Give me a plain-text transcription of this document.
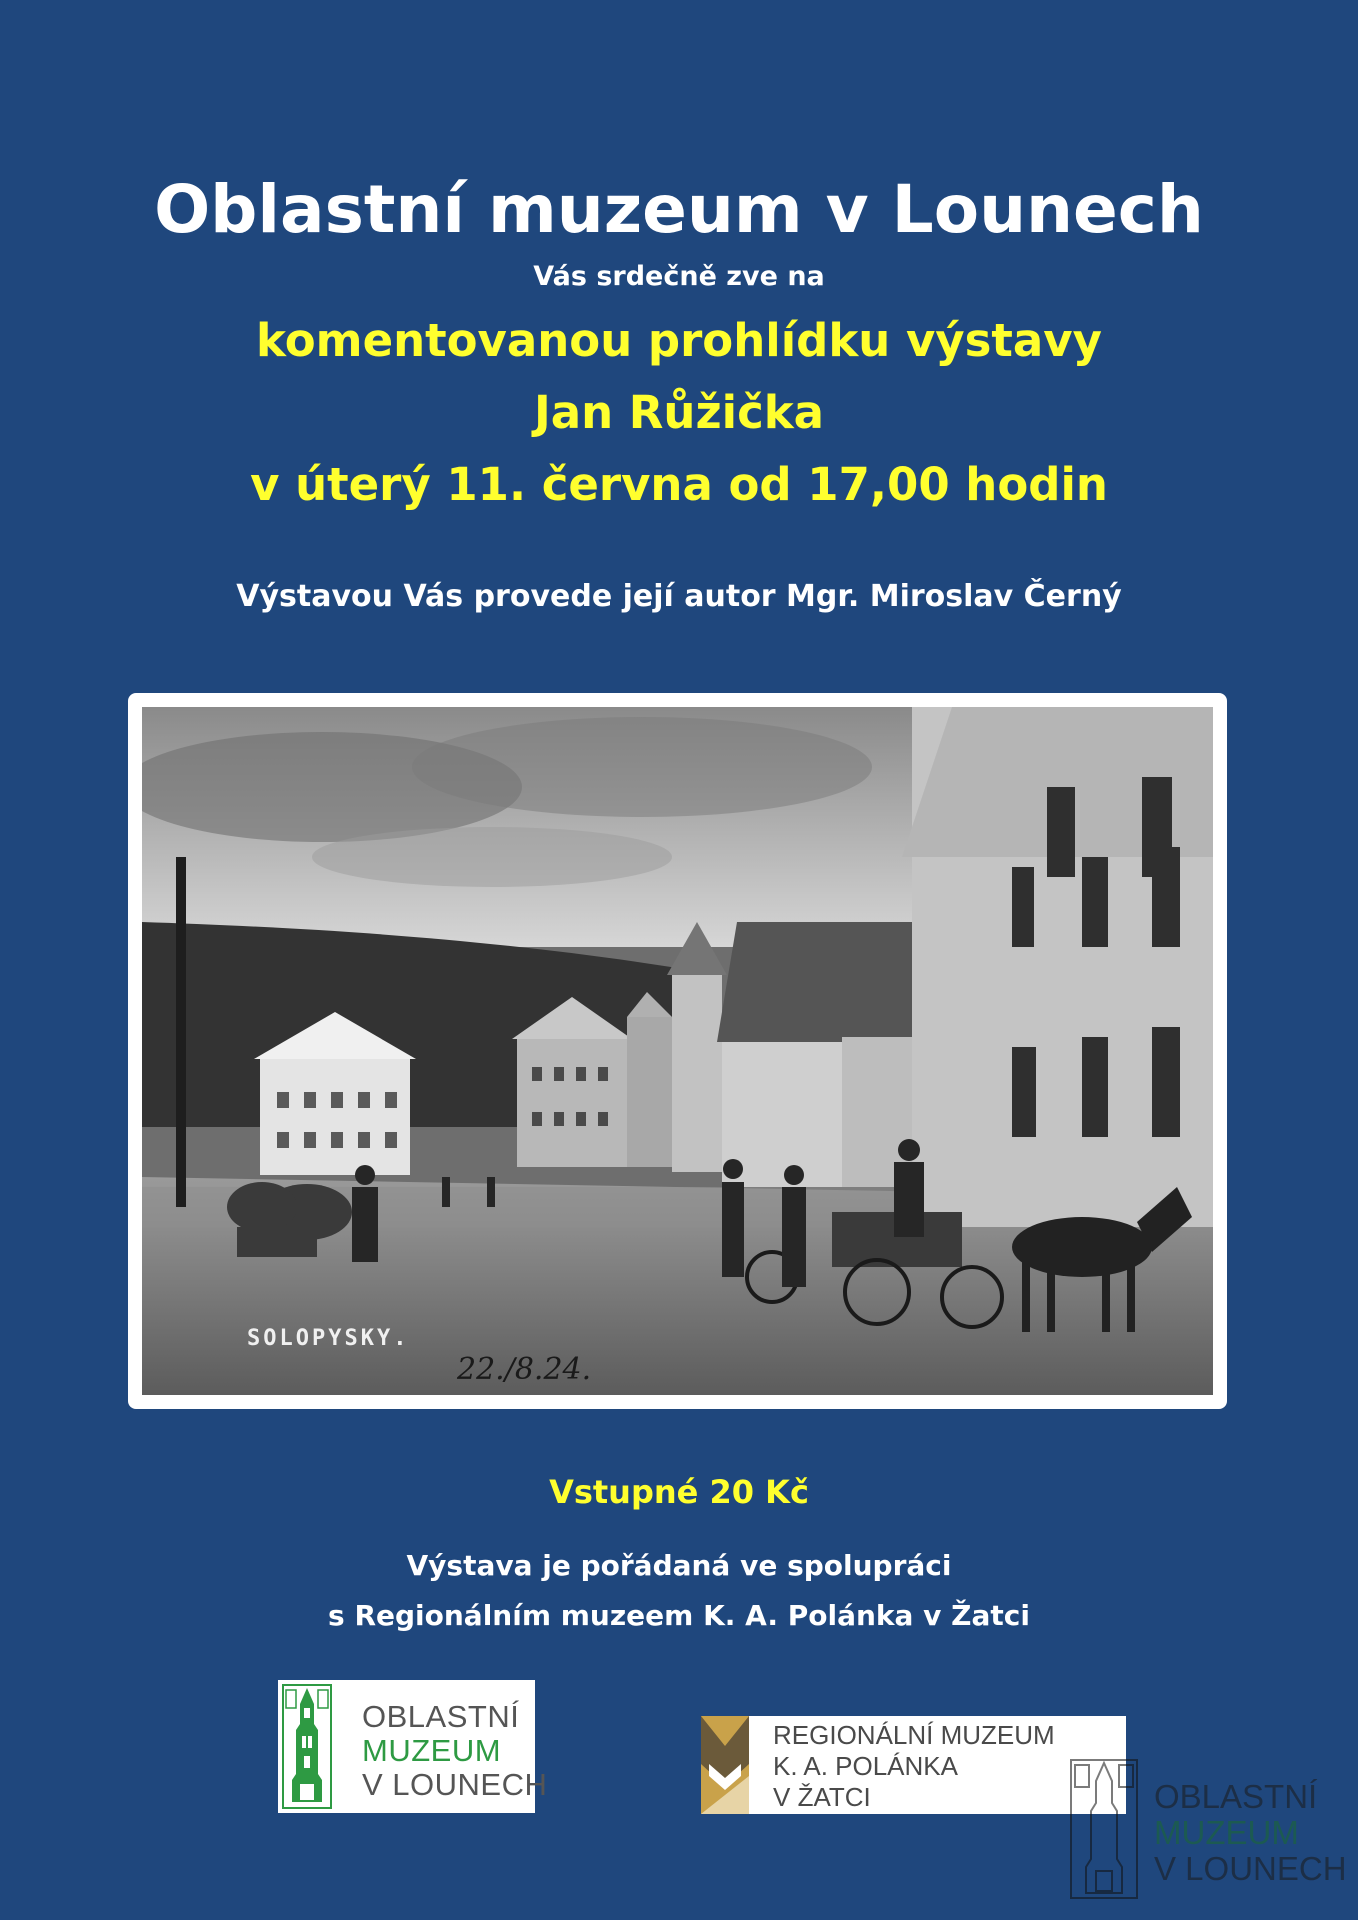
Oblastní muzeum v Lounech
Vás srdečně zve na
komentovanou prohlídku výstavy
Jan Růžička
v úterý 11. června od 17,00 hodin
Výstavou Vás provede její autor Mgr. Miroslav Černý
SOLOPYSKY.
22./8.24.
Vstupné 20 Kč
Výstava je pořádaná ve spolupráci
s Regionálním muzeem K. A. Polánka v Žatci
OBLASTNÍ
MUZEUM
V LOUNECH
REGIONÁLNÍ MUZEUM
K. A. POLÁNKA
V ŽATCI	OBLASTNÍ
MUZEUM
V LOUNECH
